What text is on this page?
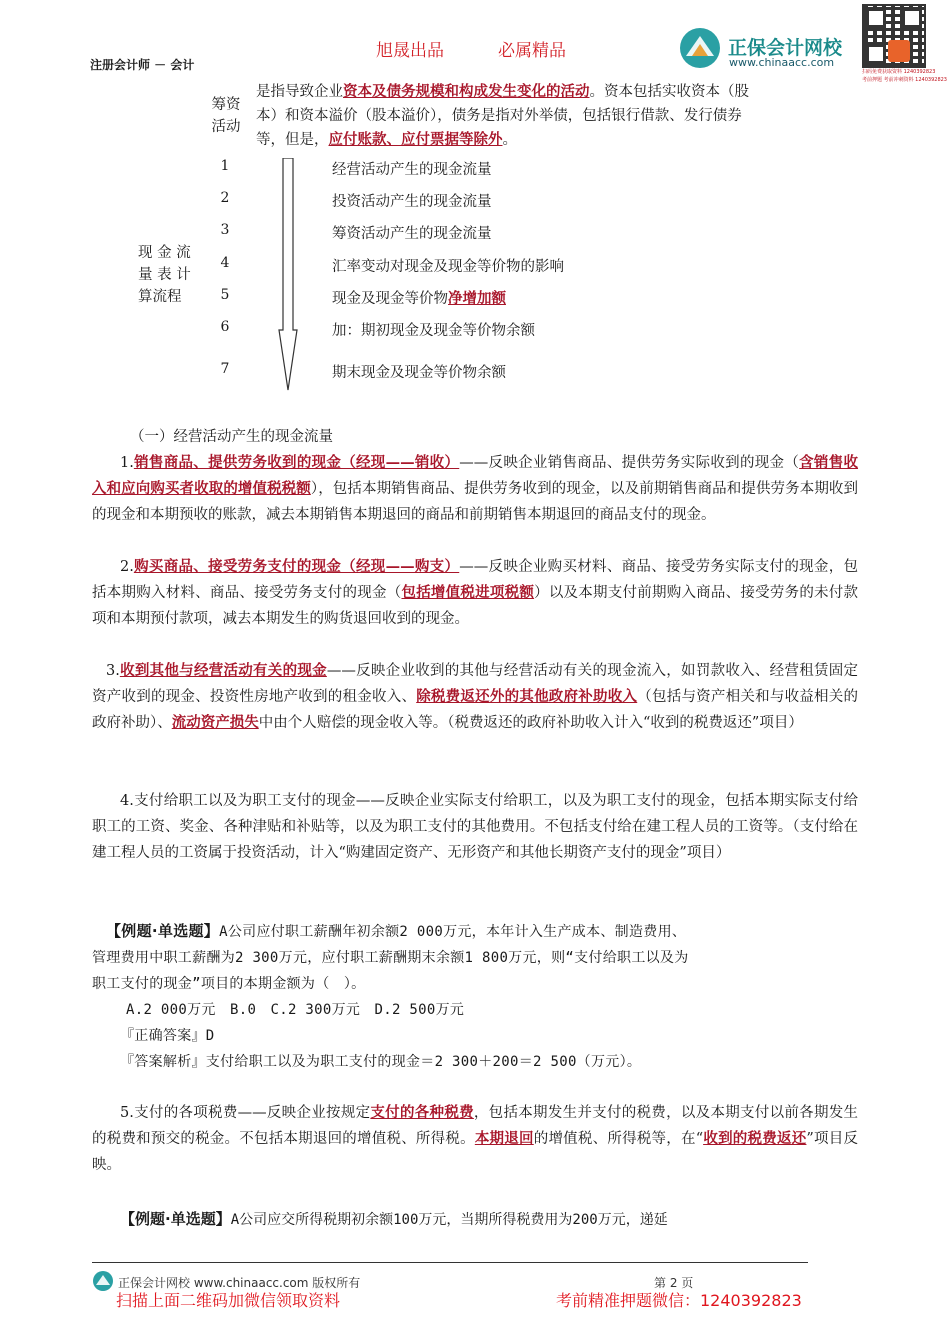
旭晟出品	必属精品
注册会计师 － 会计
正保会计网校
www.chinaacc.com
扫码免费获取资料 1240392823
考前押题 考前冲刺资料 1240392823
筹资
活动
是指导致企业资本及债务规模和构成发生变化的活动。资本包括实收资本（股
本）和资本溢价（股本溢价），债务是指对外举债，包括银行借款、发行债券
等，但是，应付账款、应付票据等除外。
现 金 流
量 表 计
算流程
1	经营活动产生的现金流量
2	投资活动产生的现金流量
3	筹资活动产生的现金流量
4	汇率变动对现金及现金等价物的影响
5	现金及现金等价物净增加额
6	加：期初现金及现金等价物余额
7	期末现金及现金等价物余额
（一）经营活动产生的现金流量
1.销售商品、提供劳务收到的现金（经现——销收）——反映企业销售商品、提供劳务实际收到的现金（含销售收入和应向购买者收取的增值税税额），包括本期销售商品、提供劳务收到的现金，以及前期销售商品和提供劳务本期收到的现金和本期预收的账款，减去本期销售本期退回的商品和前期销售本期退回的商品支付的现金。
2.购买商品、接受劳务支付的现金（经现——购支）——反映企业购买材料、商品、接受劳务实际支付的现金，包括本期购入材料、商品、接受劳务支付的现金（包括增值税进项税额）以及本期支付前期购入商品、接受劳务的未付款项和本期预付款项，减去本期发生的购货退回收到的现金。
3.收到其他与经营活动有关的现金——反映企业收到的其他与经营活动有关的现金流入，如罚款收入、经营租赁固定资产收到的现金、投资性房地产收到的租金收入、除税费返还外的其他政府补助收入（包括与资产相关和与收益相关的政府补助）、流动资产损失中由个人赔偿的现金收入等。（税费返还的政府补助收入计入“收到的税费返还”项目）
4.支付给职工以及为职工支付的现金——反映企业实际支付给职工，以及为职工支付的现金，包括本期实际支付给职工的工资、奖金、各种津贴和补贴等，以及为职工支付的其他费用。不包括支付给在建工程人员的工资等。（支付给在建工程人员的工资属于投资活动，计入“购建固定资产、无形资产和其他长期资产支付的现金”项目）
【例题·单选题】A公司应付职工薪酬年初余额2 000万元，本年计入生产成本、制造费用、
管理费用中职工薪酬为2 300万元，应付职工薪酬期末余额1 800万元，则“支付给职工以及为
职工支付的现金”项目的本期金额为（　）。
A.2 000万元　B.0　C.2 300万元　D.2 500万元
『正确答案』D
『答案解析』支付给职工以及为职工支付的现金＝2 300＋200＝2 500（万元）。
5.支付的各项税费——反映企业按规定支付的各种税费，包括本期发生并支付的税费，以及本期支付以前各期发生的税费和预交的税金。不包括本期退回的增值税、所得税。本期退回的增值税、所得税等，在“收到的税费返还”项目反映。
【例题·单选题】A公司应交所得税期初余额100万元，当期所得税费用为200万元，递延
正保会计网校 www.chinaacc.com 版权所有	第 2 页
扫描上面二维码加微信领取资料	考前精准押题微信：1240392823
